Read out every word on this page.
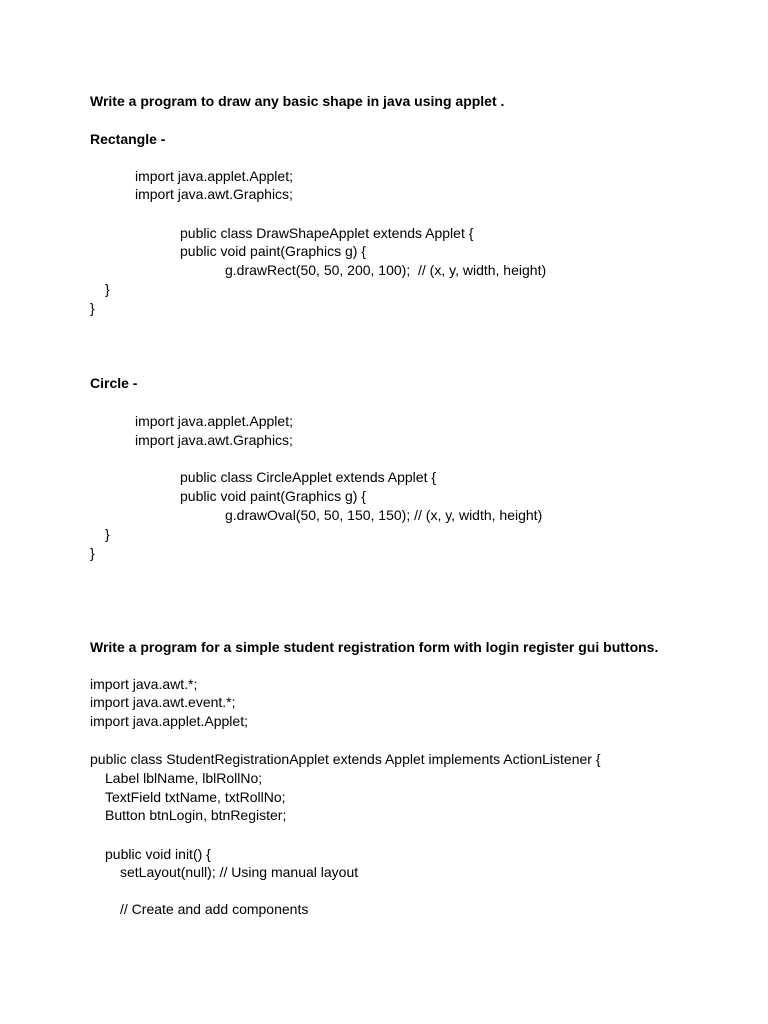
Write a program to draw any basic shape in java using applet .
Rectangle -
import java.applet.Applet;
import java.awt.Graphics;
public class DrawShapeApplet extends Applet {
public void paint(Graphics g) {
g.drawRect(50, 50, 200, 100);  // (x, y, width, height)
}
}
Circle -
import java.applet.Applet;
import java.awt.Graphics;
public class CircleApplet extends Applet {
public void paint(Graphics g) {
g.drawOval(50, 50, 150, 150); // (x, y, width, height)
}
}
Write a program for a simple student registration form with login register gui buttons.
import java.awt.*;
import java.awt.event.*;
import java.applet.Applet;
public class StudentRegistrationApplet extends Applet implements ActionListener {
Label lblName, lblRollNo;
TextField txtName, txtRollNo;
Button btnLogin, btnRegister;
public void init() {
setLayout(null); // Using manual layout
// Create and add components
